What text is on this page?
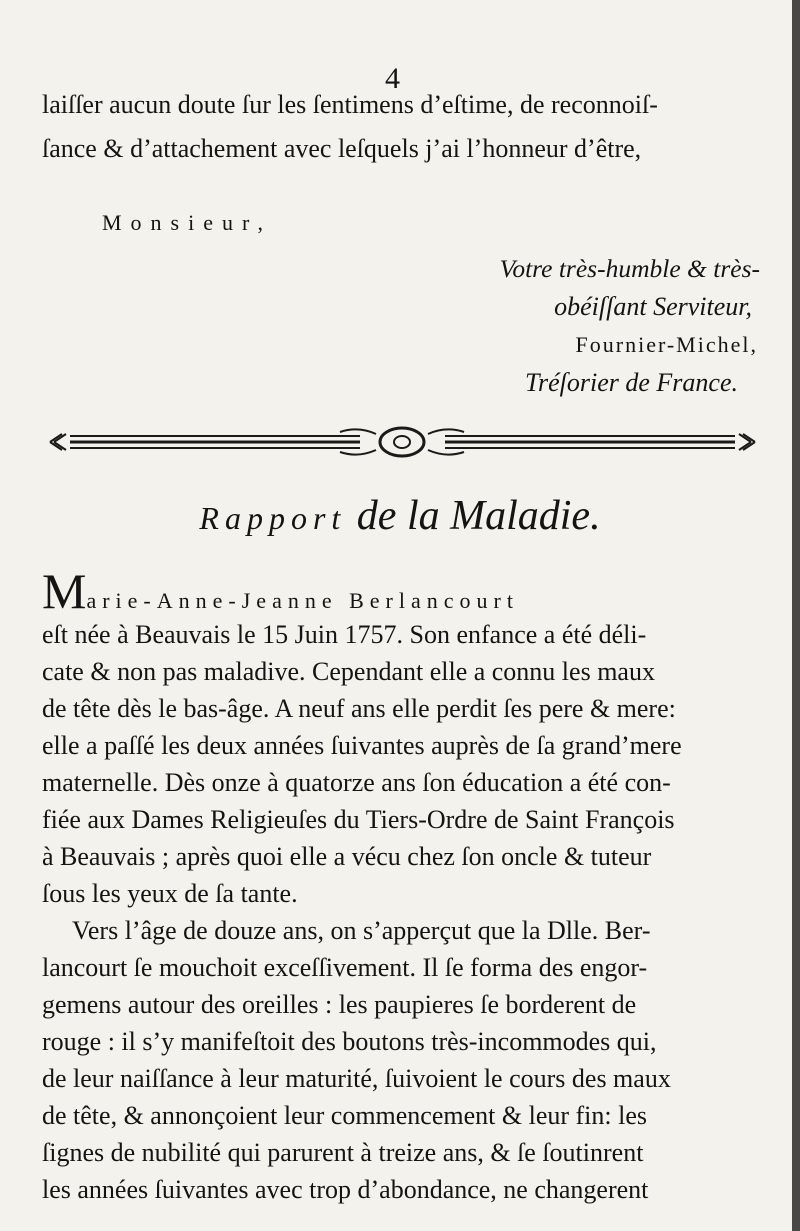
4
laiſſer aucun doute ſur les ſentimens d’eſtime, de reconnoiſ-
ſance & d’attachement avec leſquels j’ai l’honneur d’être,
Monsieur,
Votre très-humble & très-
obéiſſant Serviteur,
Fournier-Michel,
Tréſorier de France.
Rapport de la Maladie.
Marie-Anne-Jeanne Berlancourt
eſt née à Beauvais le 15 Juin 1757. Son enfance a été déli-
cate & non pas maladive. Cependant elle a connu les maux
de tête dès le bas-âge. A neuf ans elle perdit ſes pere & mere:
elle a paſſé les deux années ſuivantes auprès de ſa grand’mere
maternelle. Dès onze à quatorze ans ſon éducation a été con-
fiée aux Dames Religieuſes du Tiers-Ordre de Saint François
à Beauvais ; après quoi elle a vécu chez ſon oncle & tuteur
ſous les yeux de ſa tante.
Vers l’âge de douze ans, on s’apperçut que la Dlle. Ber-
lancourt ſe mouchoit exceſſivement. Il ſe forma des engor-
gemens autour des oreilles : les paupieres ſe borderent de
rouge : il s’y manifeſtoit des boutons très-incommodes qui,
de leur naiſſance à leur maturité, ſuivoient le cours des maux
de tête, & annonçoient leur commencement & leur fin: les
ſignes de nubilité qui parurent à treize ans, & ſe ſoutinrent
les années ſuivantes avec trop d’abondance, ne changerent
